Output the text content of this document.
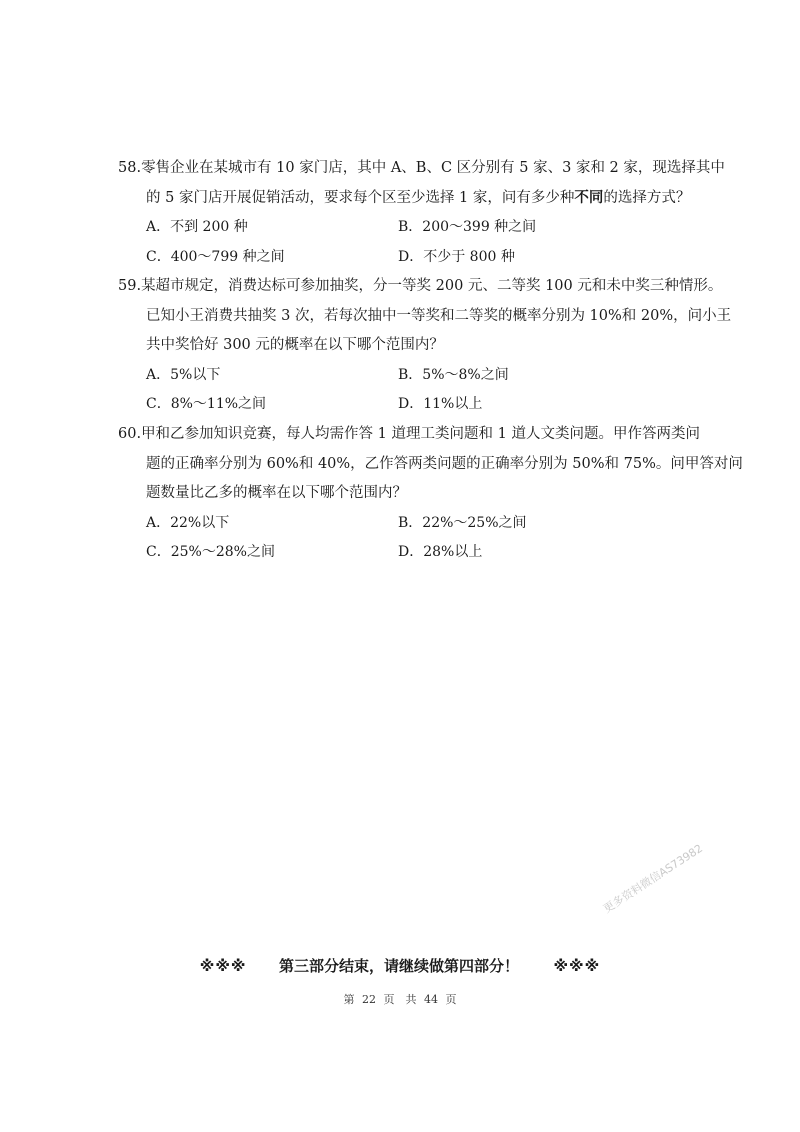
58.零售企业在某城市有 10 家门店，其中 A、B、C 区分别有 5 家、3 家和 2 家，现选择其中
的 5 家门店开展促销活动，要求每个区至少选择 1 家，问有多少种不同的选择方式？
A．不到 200 种	B．200～399 种之间
C．400～799 种之间	D．不少于 800 种
59.某超市规定，消费达标可参加抽奖，分一等奖 200 元、二等奖 100 元和未中奖三种情形。
已知小王消费共抽奖 3 次，若每次抽中一等奖和二等奖的概率分别为 10%和 20%，问小王
共中奖恰好 300 元的概率在以下哪个范围内？
A．5%以下	B．5%～8%之间
C．8%～11%之间	D．11%以上
60.甲和乙参加知识竞赛，每人均需作答 1 道理工类问题和 1 道人文类问题。甲作答两类问
题的正确率分别为 60%和 40%，乙作答两类问题的正确率分别为 50%和 75%。问甲答对问
题数量比乙多的概率在以下哪个范围内？
A．22%以下	B．22%～25%之间
C．25%～28%之间	D．28%以上
更多资料微信AS73982
※※※ 第三部分结束，请继续做第四部分！ ※※※
第 22 页　共 44 页
